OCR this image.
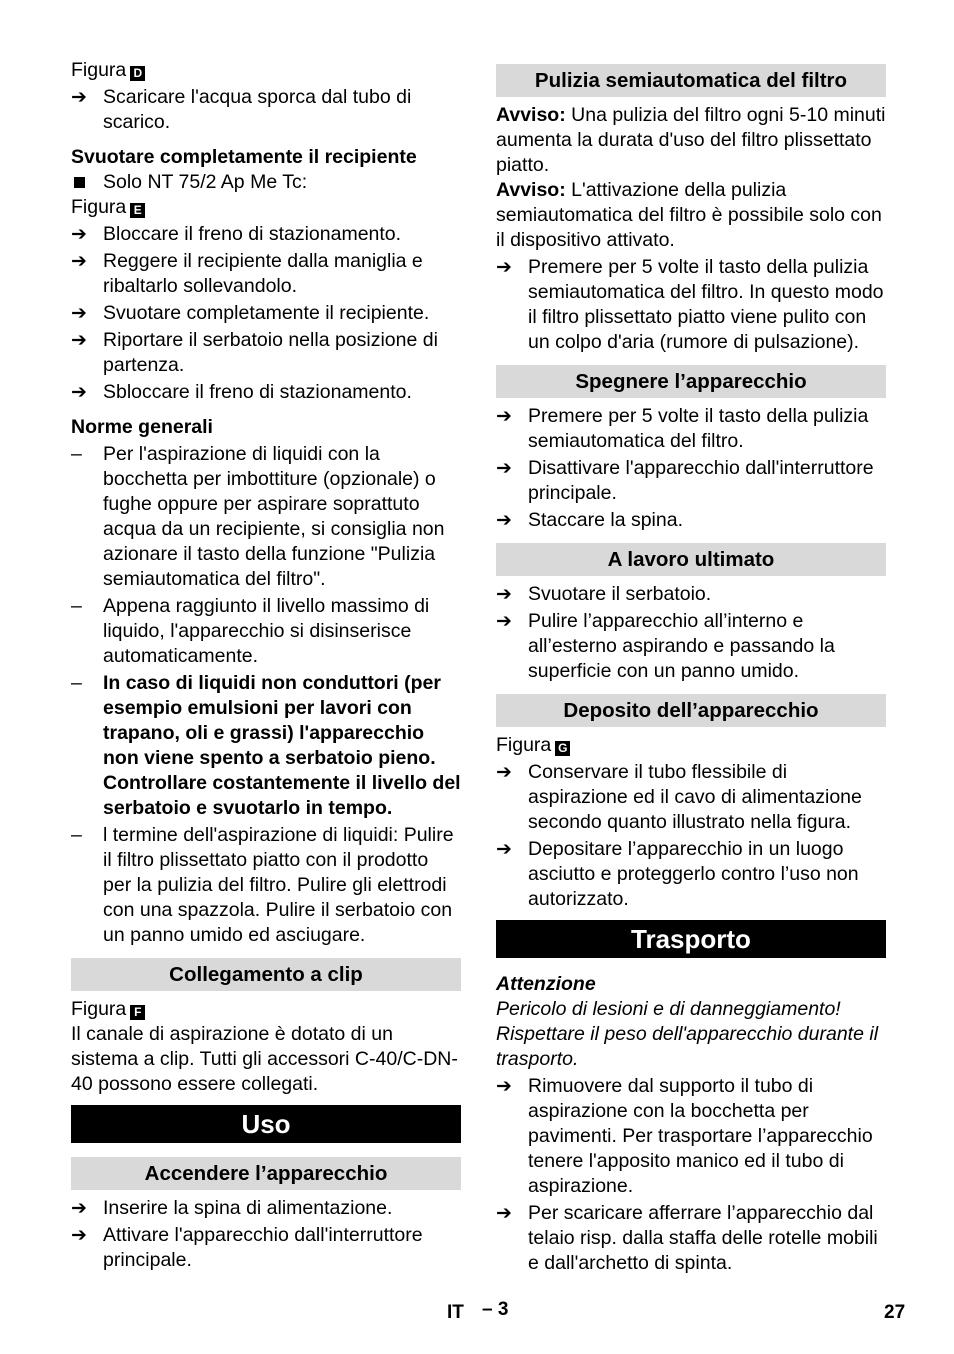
Figura D

➔ Scaricare l'acqua sporca dal tubo di scarico.

Svuotare completamente il recipiente

Solo NT 75/2 Ap Me Tc:

Figura E

➔ Bloccare il freno di stazionamento.
➔ Reggere il recipiente dalla maniglia e ribaltarlo sollevandolo.
➔ Svuotare completamente il recipiente.
➔ Riportare il serbatoio nella posizione di partenza.
➔ Sbloccare il freno di stazionamento.

Norme generali

– Per l'aspirazione di liquidi con la bocchetta per imbottiture (opzionale) o fughe oppure per aspirare soprattuto acqua da un recipiente, si consiglia non azionare il tasto della funzione "Pulizia semiautomatica del filtro".
– Appena raggiunto il livello massimo di liquido, l'apparecchio si disinserisce automaticamente.
– In caso di liquidi non conduttori (per esempio emulsioni per lavori con trapano, oli e grassi) l'apparecchio non viene spento a serbatoio pieno. Controllare costantemente il livello del serbatoio e svuotarlo in tempo.
– l termine dell'aspirazione di liquidi: Pulire il filtro plissettato piatto con il prodotto per la pulizia del filtro. Pulire gli elettrodi con una spazzola. Pulire il serbatoio con un panno umido ed asciugare.
Collegamento a clip

Figura F

Il canale di aspirazione è dotato di un sistema a clip. Tutti gli accessori C-40/C-DN-40 possono essere collegati.

Uso
Accendere l’apparecchio
➔ Inserire la spina di alimentazione.
➔ Attivare l'apparecchio dall'interruttore principale.
Pulizia semiautomatica del filtro

Avviso: Una pulizia del filtro ogni 5-10 minuti aumenta la durata d'uso del filtro plissettato piatto.

Avviso: L'attivazione della pulizia semiautomatica del filtro è possibile solo con il dispositivo attivato.

➔ Premere per 5 volte il tasto della pulizia semiautomatica del filtro. In questo modo il filtro plissettato piatto viene pulito con un colpo d'aria (rumore di pulsazione).
Spegnere l’apparecchio
➔ Premere per 5 volte il tasto della pulizia semiautomatica del filtro.
➔ Disattivare l'apparecchio dall'interruttore principale.
➔ Staccare la spina.
A lavoro ultimato
➔ Svuotare il serbatoio.
➔ Pulire l’apparecchio all’interno e all’esterno aspirando e passando la superficie con un panno umido.
Deposito dell’apparecchio

Figura G

➔ Conservare il tubo flessibile di aspirazione ed il cavo di alimentazione secondo quanto illustrato nella figura.
➔ Depositare l’apparecchio in un luogo asciutto e proteggerlo contro l’uso non autorizzato.
Trasporto

Attenzione

Pericolo di lesioni e di danneggiamento! Rispettare il peso dell'apparecchio durante il trasporto.

➔ Rimuovere dal supporto il tubo di aspirazione con la bocchetta per pavimenti. Per trasportare l’apparecchio tenere l'apposito manico ed il tubo di aspirazione.
➔ Per scaricare afferrare l’apparecchio dal telaio risp. dalla staffa delle rotelle mobili e dall'archetto di spinta.
IT – 3	27
